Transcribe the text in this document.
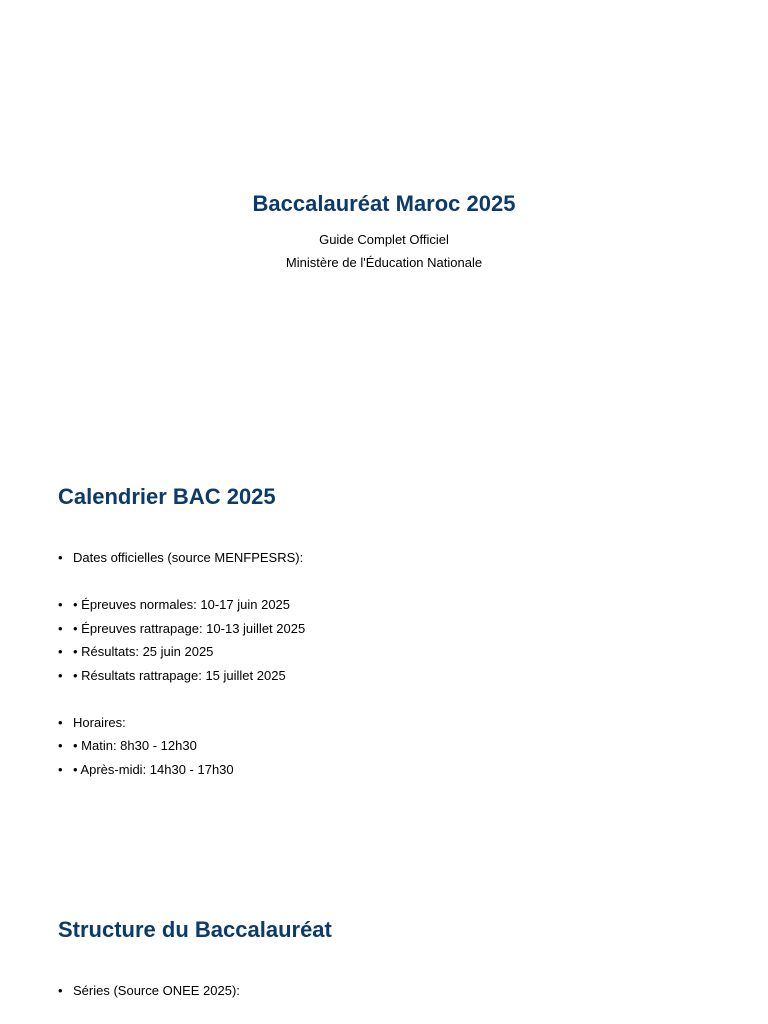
Baccalauréat Maroc 2025

Guide Complet Officiel

Ministère de l'Éducation Nationale

Calendrier BAC 2025
• Dates officielles (source MENFPESRS):
• • Épreuves normales: 10-17 juin 2025
• • Épreuves rattrapage: 10-13 juillet 2025
• • Résultats: 25 juin 2025
• • Résultats rattrapage: 15 juillet 2025
• Horaires:
• • Matin: 8h30 - 12h30
• • Après-midi: 14h30 - 17h30
Structure du Baccalauréat
• Séries (Source ONEE 2025):
